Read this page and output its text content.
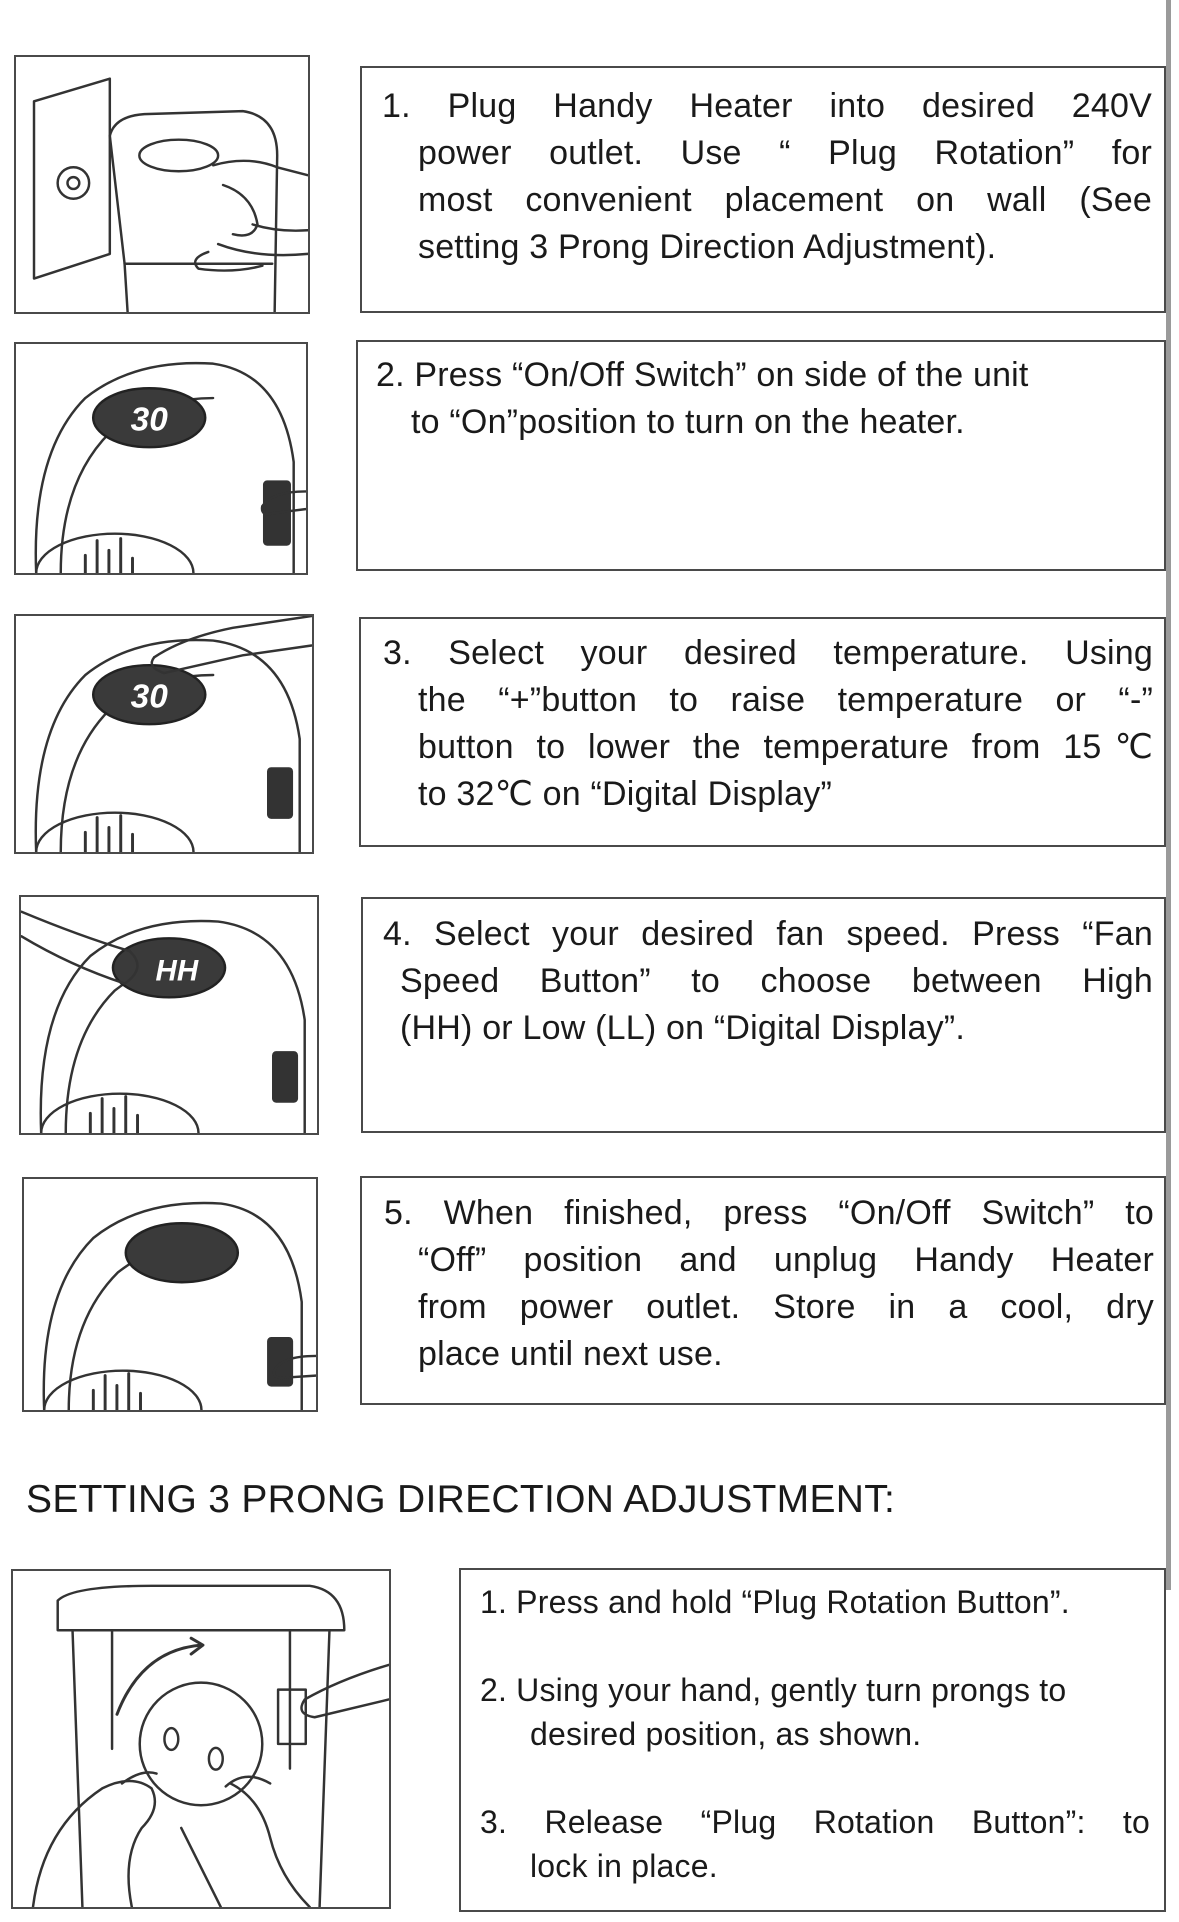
1. Plug Handy Heater into desired 240V
power outlet. Use “ Plug Rotation” for
most convenient placement on wall (See
setting 3 Prong Direction Adjustment).
30
2. Press “On/Off Switch” on side of the unit
to “On”position to turn on the heater.
30
3. Select your desired temperature. Using
the “+”button to raise temperature or “-”
button to lower the temperature from 15℃
to 32℃ on “Digital Display”
HH
4. Select your desired fan speed. Press “Fan
Speed Button” to choose between High
(HH) or Low (LL) on “Digital Display”.
5. When finished, press “On/Off Switch” to
“Off” position and unplug Handy Heater
from power outlet. Store in a cool, dry
place until next use.
SETTING 3 PRONG DIRECTION ADJUSTMENT:
1. Press and hold “Plug Rotation Button”.
2. Using your hand, gently turn prongs to
desired position, as shown.
3. Release “Plug Rotation Button”: to
lock in place.
